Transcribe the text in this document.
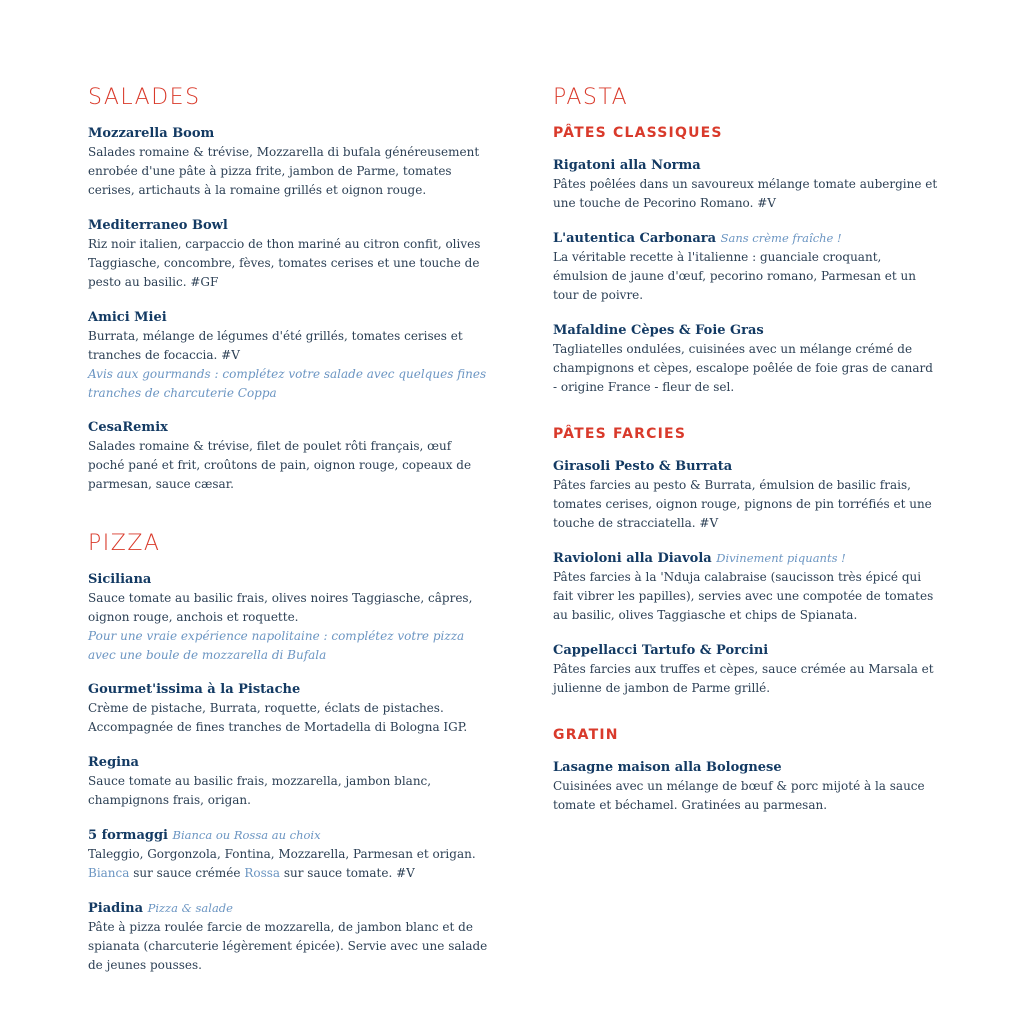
SALADES
Mozzarella Boom
Salades romaine & trévise, Mozzarella di bufala généreusement enrobée d'une pâte à pizza frite, jambon de Parme, tomates cerises, artichauts à la romaine grillés et oignon rouge.
Mediterraneo Bowl
Riz noir italien, carpaccio de thon mariné au citron confit, olives Taggiasche, concombre, fèves, tomates cerises et une touche de pesto au basilic. #GF
Amici Miei
Burrata, mélange de légumes d'été grillés, tomates cerises et tranches de focaccia. #V
Avis aux gourmands : complétez votre salade avec quelques fines tranches de charcuterie Coppa
CesaRemix
Salades romaine & trévise, filet de poulet rôti français, œuf poché pané et frit, croûtons de pain, oignon rouge, copeaux de parmesan, sauce cæsar.
PIZZA
Siciliana
Sauce tomate au basilic frais, olives noires Taggiasche, câpres, oignon rouge, anchois et roquette.
Pour une vraie expérience napolitaine : complétez votre pizza avec une boule de mozzarella di Bufala
Gourmet'issima à la Pistache
Crème de pistache, Burrata, roquette, éclats de pistaches. Accompagnée de fines tranches de Mortadella di Bologna IGP.
Regina
Sauce tomate au basilic frais, mozzarella, jambon blanc, champignons frais, origan.
5 formaggi Bianca ou Rossa au choix
Taleggio, Gorgonzola, Fontina, Mozzarella, Parmesan et origan.
Bianca sur sauce crémée Rossa sur sauce tomate. #V
Piadina Pizza & salade
Pâte à pizza roulée farcie de mozzarella, de jambon blanc et de spianata (charcuterie légèrement épicée). Servie avec une salade de jeunes pousses.
PASTA
PÂTES CLASSIQUES
Rigatoni alla Norma
Pâtes poêlées dans un savoureux mélange tomate aubergine et une touche de Pecorino Romano. #V
L'autentica Carbonara Sans crème fraîche !
La véritable recette à l'italienne : guanciale croquant, émulsion de jaune d'œuf, pecorino romano, Parmesan et un tour de poivre.
Mafaldine Cèpes & Foie Gras
Tagliatelles ondulées, cuisinées avec un mélange crémé de champignons et cèpes, escalope poêlée de foie gras de canard - origine France - fleur de sel.
PÂTES FARCIES
Girasoli Pesto & Burrata
Pâtes farcies au pesto & Burrata, émulsion de basilic frais, tomates cerises, oignon rouge, pignons de pin torréfiés et une touche de stracciatella. #V
Ravioloni alla Diavola Divinement piquants !
Pâtes farcies à la 'Nduja calabraise (saucisson très épicé qui fait vibrer les papilles), servies avec une compotée de tomates au basilic, olives Taggiasche et chips de Spianata.
Cappellacci Tartufo & Porcini
Pâtes farcies aux truffes et cèpes, sauce crémée au Marsala et julienne de jambon de Parme grillé.
GRATIN
Lasagne maison alla Bolognese
Cuisinées avec un mélange de bœuf & porc mijoté à la sauce tomate et béchamel. Gratinées au parmesan.
